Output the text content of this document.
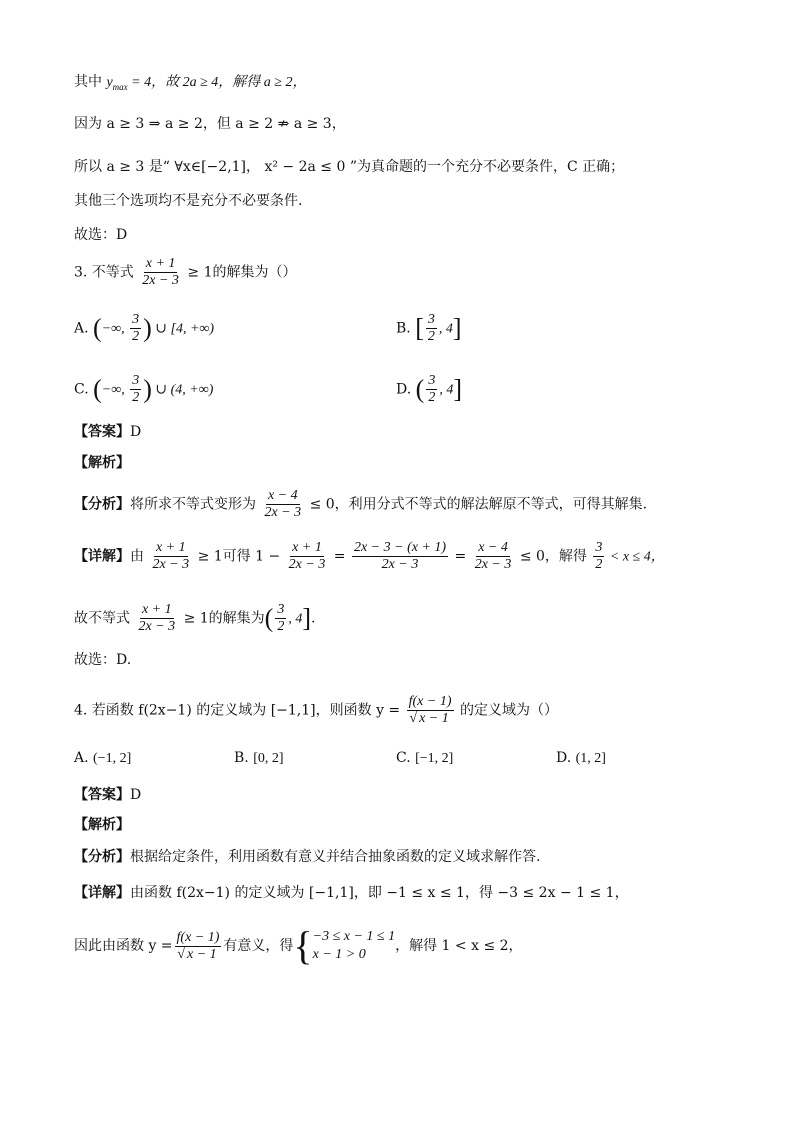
其中 $y_{max} = 4$，故 2a ≥ 4，解得 a ≥ 2，
因为 a ≥ 3 ⇒ a ≥ 2，但 a ≥ 2 ⇏ a ≥ 3，
所以 a ≥ 3 是“ ∀x∈[−2,1]， x² − 2a ≤ 0 ”为真命题的一个充分不必要条件，C 正确；
其他三个选项均不是充分不必要条件.
故选：D
3. 不等式 $\frac{x + 1}{2x - 3} \ge 1$的解集为（）
A. (−∞, $\frac{3}{2}$ ) ∪ [4, +∞)	B. [ $\frac{3}{2}$ , 4]
C. (−∞, $\frac{3}{2}$ ) ∪ (4, +∞)	D. ( $\frac{3}{2}$ , 4]
【答案】D
【解析】
【分析】将所求不等式变形为 $\frac{x - 4}{2x - 3} \le 0$，利用分式不等式的解法解原不等式，可得其解集.
【详解】由 $\frac{x + 1}{2x - 3} \ge 1$可得 $1 - \frac{x + 1}{2x - 3} = \frac{2x - 3 - (x + 1)}{2x - 3} = \frac{x - 4}{2x - 3} \le 0$，解得 $\frac{3}{2} < x \le 4$，
故不等式 $\frac{x + 1}{2x - 3} \ge 1$的解集为( $\frac{3}{2}$ , 4].
故选：D.
4. 若函数 f(2x−1) 的定义域为 [−1,1]，则函数 $y = \frac{f(x - 1)}{√ x - 1}$ 的定义域为（）
A. (−1, 2]	B. [0, 2]	C. [−1, 2]	D. (1, 2]
【答案】D
【解析】
【分析】根据给定条件，利用函数有意义并结合抽象函数的定义域求解作答.
【详解】由函数 f(2x−1) 的定义域为 [−1,1]，即 −1 ≤ x ≤ 1，得 −3 ≤ 2x − 1 ≤ 1，
因此由函数 $y = \frac{f(x - 1)}{√ x - 1}$ 有意义，得 { −3 ≤ x − 1 ≤ 1
x − 1 > 0
，解得 1 < x ≤ 2，
